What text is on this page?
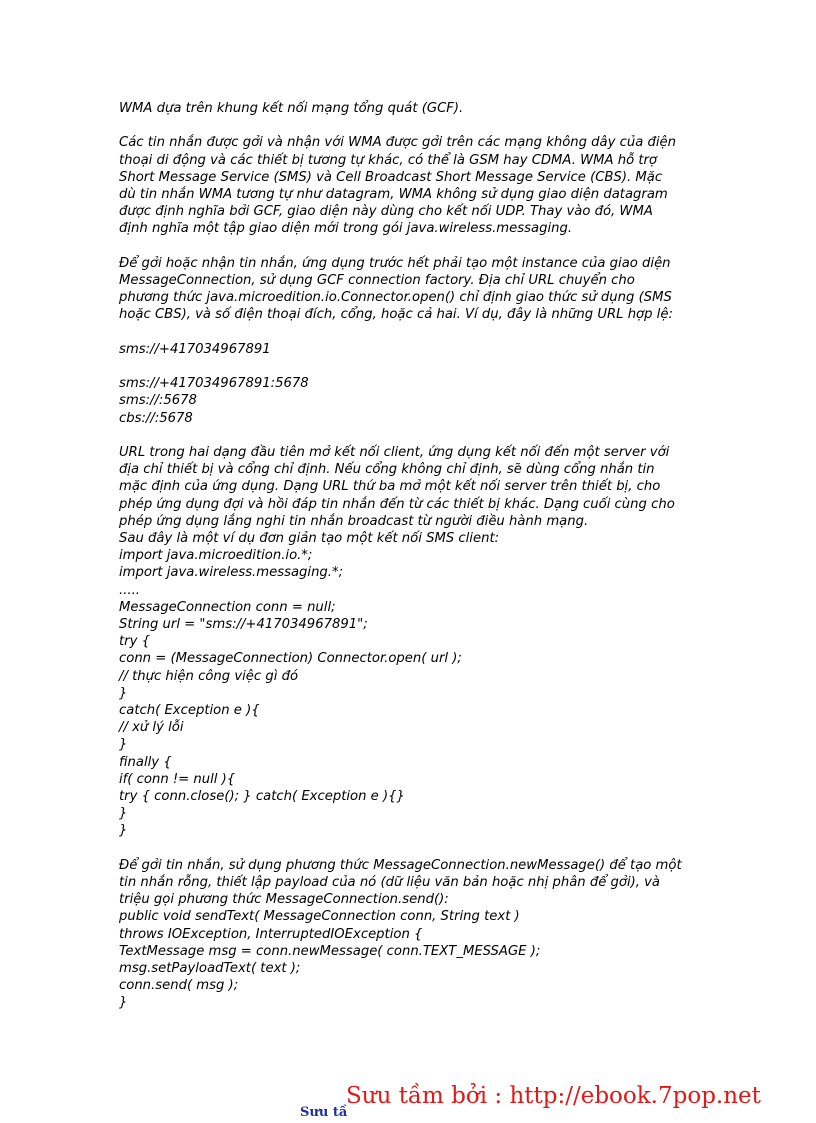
WMA dựa trên khung kết nối mạng tổng quát (GCF).
Các tin nhắn được gởi và nhận với WMA được gởi trên các mạng không dây của điện
thoại di động và các thiết bị tương tự khác, có thể là GSM hay CDMA. WMA hỗ trợ
Short Message Service (SMS) và Cell Broadcast Short Message Service (CBS). Mặc
dù tin nhắn WMA tương tự như datagram, WMA không sử dụng giao diện datagram
được định nghĩa bởi GCF, giao diện này dùng cho kết nối UDP. Thay vào đó, WMA
định nghĩa một tập giao diện mới trong gói java.wireless.messaging.
Để gởi hoặc nhận tin nhắn, ứng dụng trước hết phải tạo một instance của giao diện
MessageConnection, sử dụng GCF connection factory. Địa chỉ URL chuyển cho
phương thức java.microedition.io.Connector.open() chỉ định giao thức sử dụng (SMS
hoặc CBS), và số điện thoại đích, cổng, hoặc cả hai. Ví dụ, đây là những URL hợp lệ:
sms://+417034967891
sms://+417034967891:5678
sms://:5678
cbs://:5678
URL trong hai dạng đầu tiên mở kết nối client, ứng dụng kết nối đến một server với
địa chỉ thiết bị và cổng chỉ định. Nếu cổng không chỉ định, sẽ dùng cổng nhắn tin
mặc định của ứng dụng. Dạng URL thứ ba mở một kết nối server trên thiết bị, cho
phép ứng dụng đợi và hồi đáp tin nhắn đến từ các thiết bị khác. Dạng cuối cùng cho
phép ứng dụng lắng nghi tin nhắn broadcast từ người điều hành mạng.
Sau đây là một ví dụ đơn giản tạo một kết nối SMS client:
import java.microedition.io.*;
import java.wireless.messaging.*;
.....
MessageConnection conn = null;
String url = "sms://+417034967891";
try {
conn = (MessageConnection) Connector.open( url );
// thực hiện công việc gì đó
}
catch( Exception e ){
// xử lý lỗi
}
finally {
if( conn != null ){
try { conn.close(); } catch( Exception e ){}
}
}
Để gởi tin nhắn, sử dụng phương thức MessageConnection.newMessage() để tạo một
tin nhắn rỗng, thiết lập payload của nó (dữ liệu văn bản hoặc nhị phân để gởi), và
triệu gọi phương thức MessageConnection.send():
public void sendText( MessageConnection conn, String text )
throws IOException, InterruptedIOException {
TextMessage msg = conn.newMessage( conn.TEXT_MESSAGE );
msg.setPayloadText( text );
conn.send( msg );
}
Sưu tầ
Sưu tầm bởi : http://ebook.7pop.net
